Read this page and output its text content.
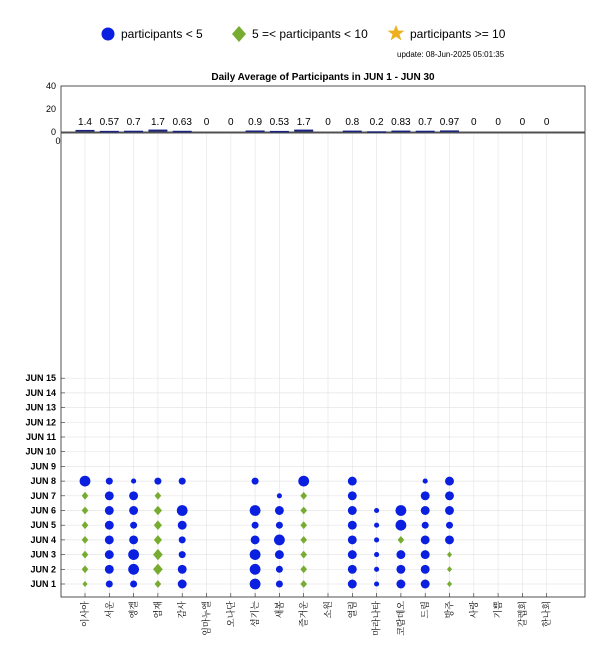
participants < 5	5 =< participants < 10	participants >= 10
update: 08-Jun-2025 05:01:35
Daily Average of Participants in JUN 1 - JUN 30
0
20
40
1.4 0.57 0.7 1.7 0.63 0 0 0.9 0.53 1.7 0 0.8 0.2 0.83 0.7 0.97 0 0 0 0
0
JUN 1
JUN 2
JUN 3
JUN 4
JUN 5
JUN 6
JUN 7
JUN 8
JUN 9
JUN 10
JUN 11
JUN 12
JUN 13
JUN 14
JUN 15
이사아 서운 엥겔 엄재 감사 임마누엘 오나단 섬기는 새봄 즐거운 소원 열림 마라나타 코람데오 드림 방주 사랑 기쁨 갈렙회 한나회
